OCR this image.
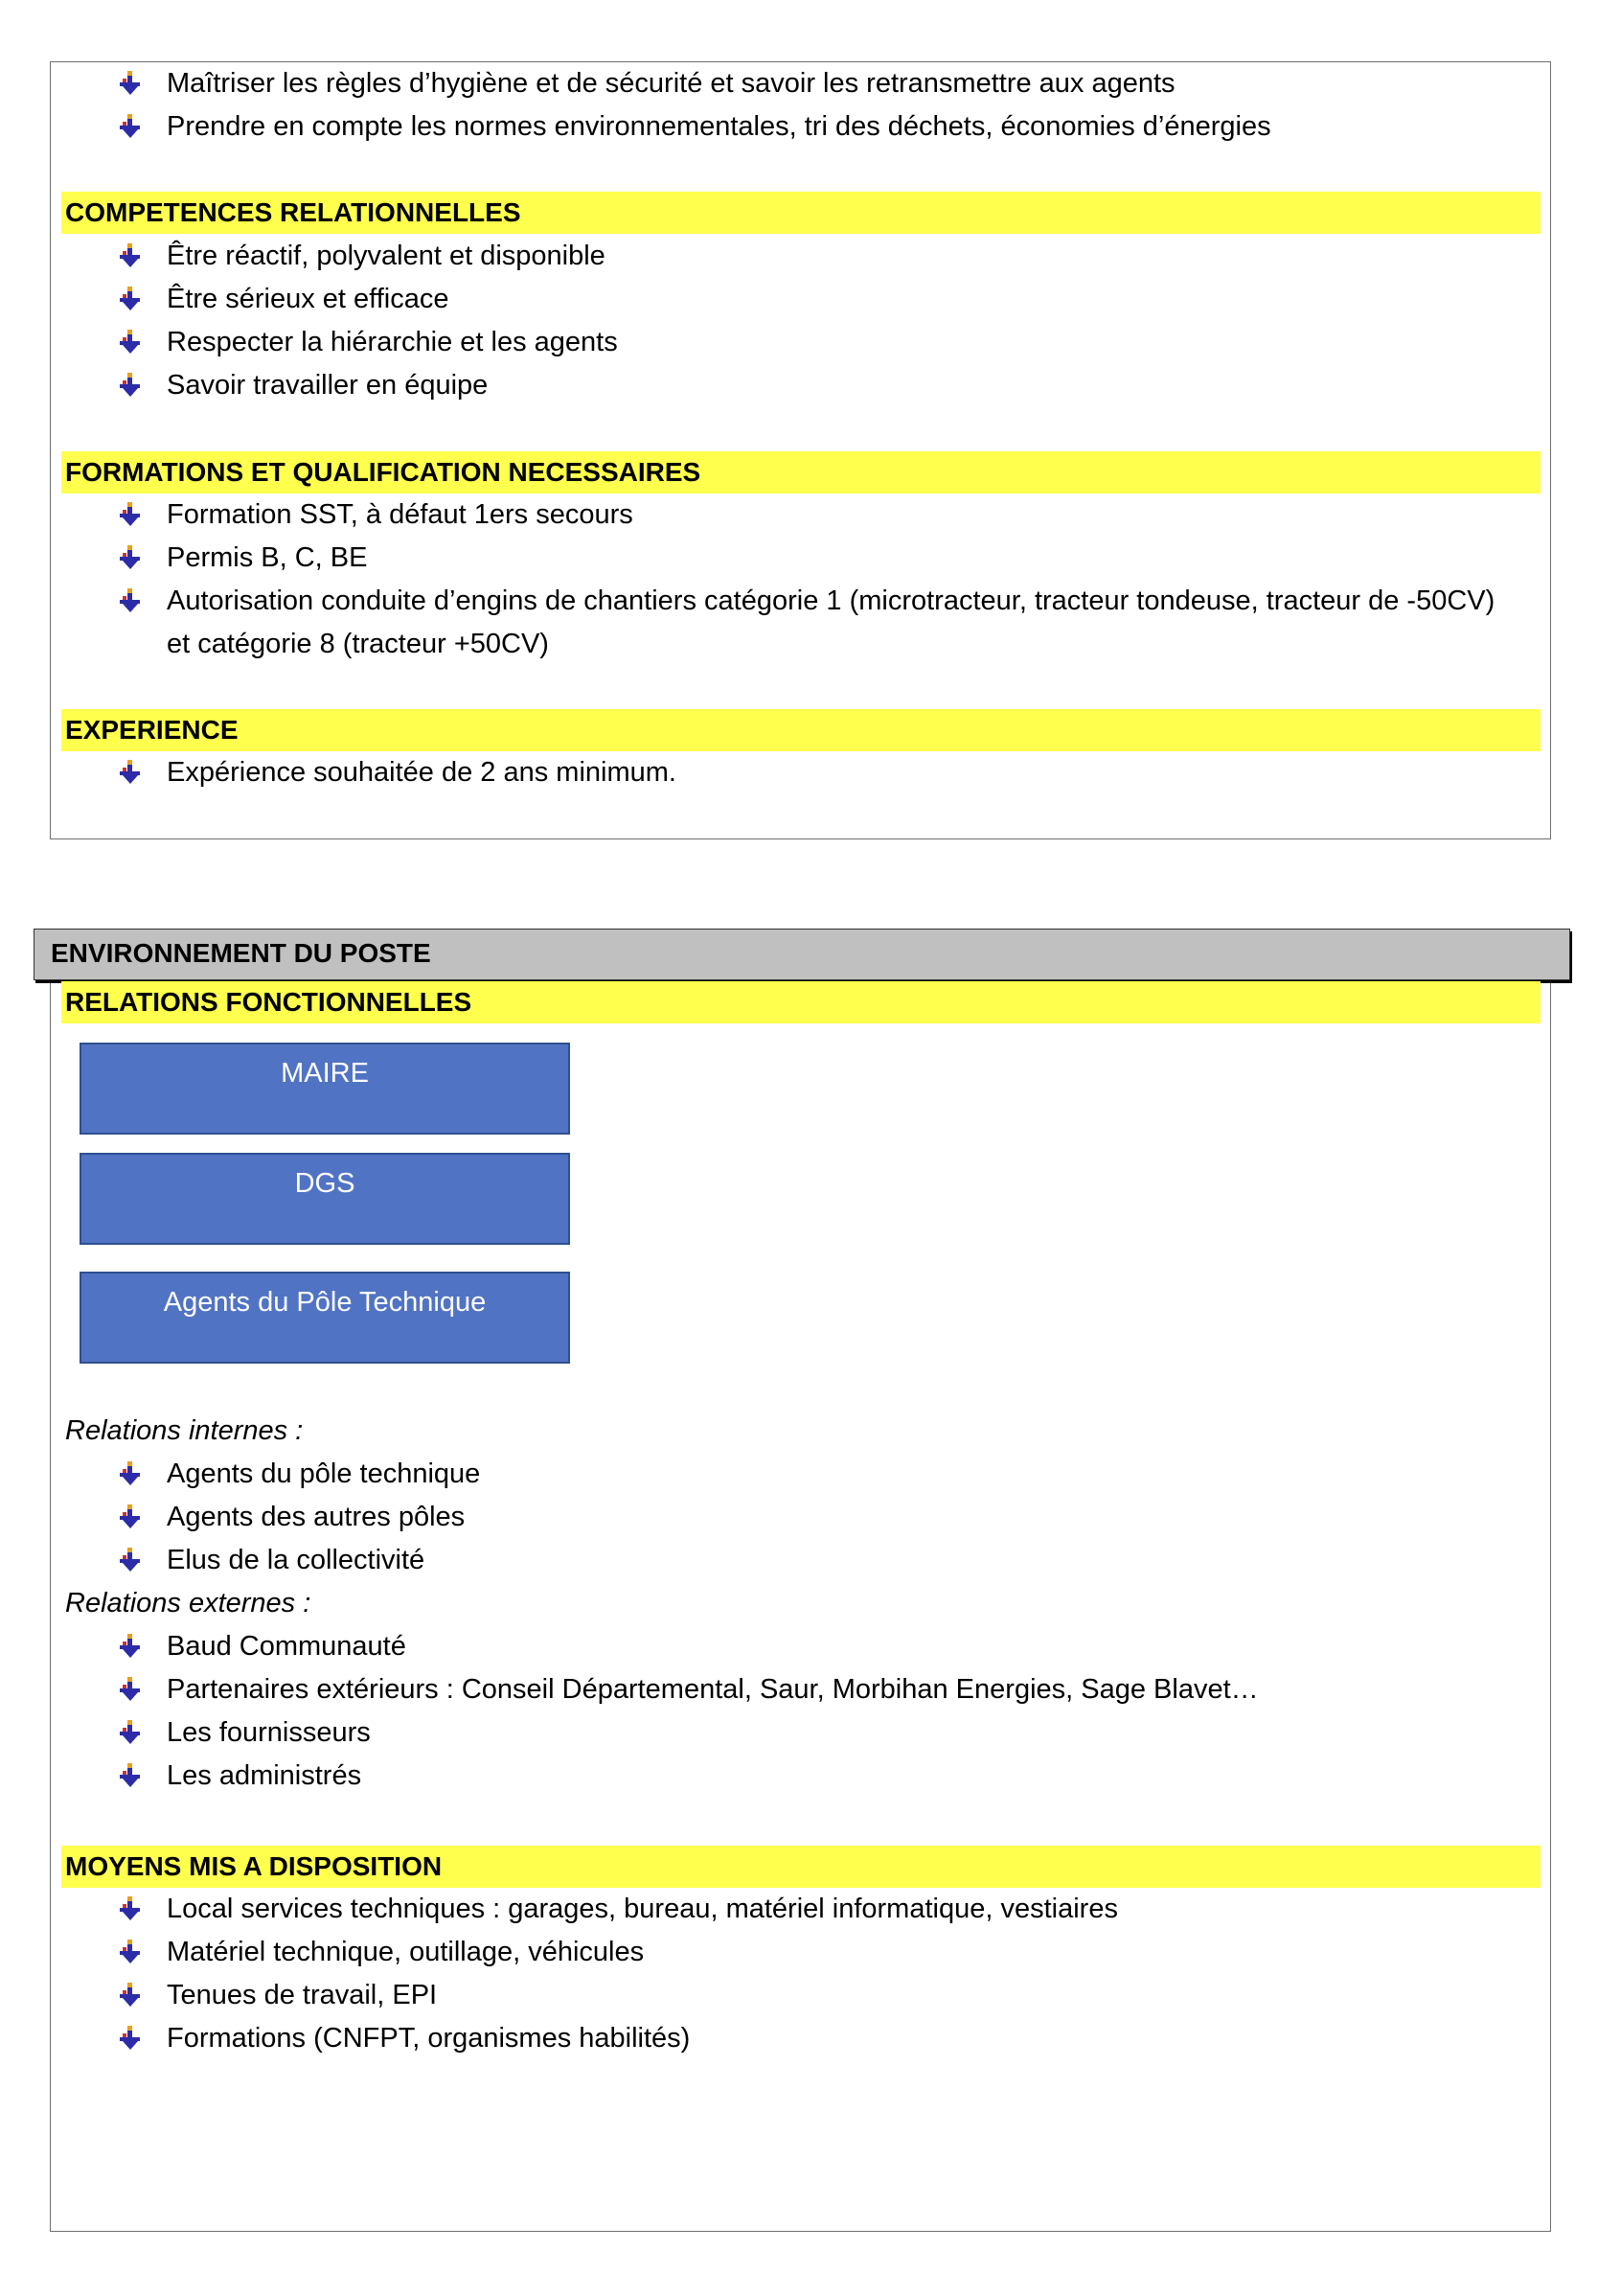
Maîtriser les règles d’hygiène et de sécurité et savoir les retransmettre aux agents
Prendre en compte les normes environnementales, tri des déchets, économies d’énergies
COMPETENCES RELATIONNELLES
Être réactif, polyvalent et disponible
Être sérieux et efficace
Respecter la hiérarchie et les agents
Savoir travailler en équipe
FORMATIONS ET QUALIFICATION NECESSAIRES
Formation SST, à défaut 1ers secours
Permis B, C, BE
Autorisation conduite d’engins de chantiers catégorie 1 (microtracteur, tracteur tondeuse, tracteur de -50CV)
et catégorie 8 (tracteur +50CV)
EXPERIENCE
Expérience souhaitée de 2 ans minimum.
ENVIRONNEMENT DU POSTE
RELATIONS FONCTIONNELLES
MAIRE
DGS
Agents du Pôle Technique
Relations internes :
Agents du pôle technique
Agents des autres pôles
Elus de la collectivité
Relations externes :
Baud Communauté
Partenaires extérieurs : Conseil Départemental, Saur, Morbihan Energies, Sage Blavet…
Les fournisseurs
Les administrés
MOYENS MIS A DISPOSITION
Local services techniques : garages, bureau, matériel informatique, vestiaires
Matériel technique, outillage, véhicules
Tenues de travail, EPI
Formations (CNFPT, organismes habilités)
